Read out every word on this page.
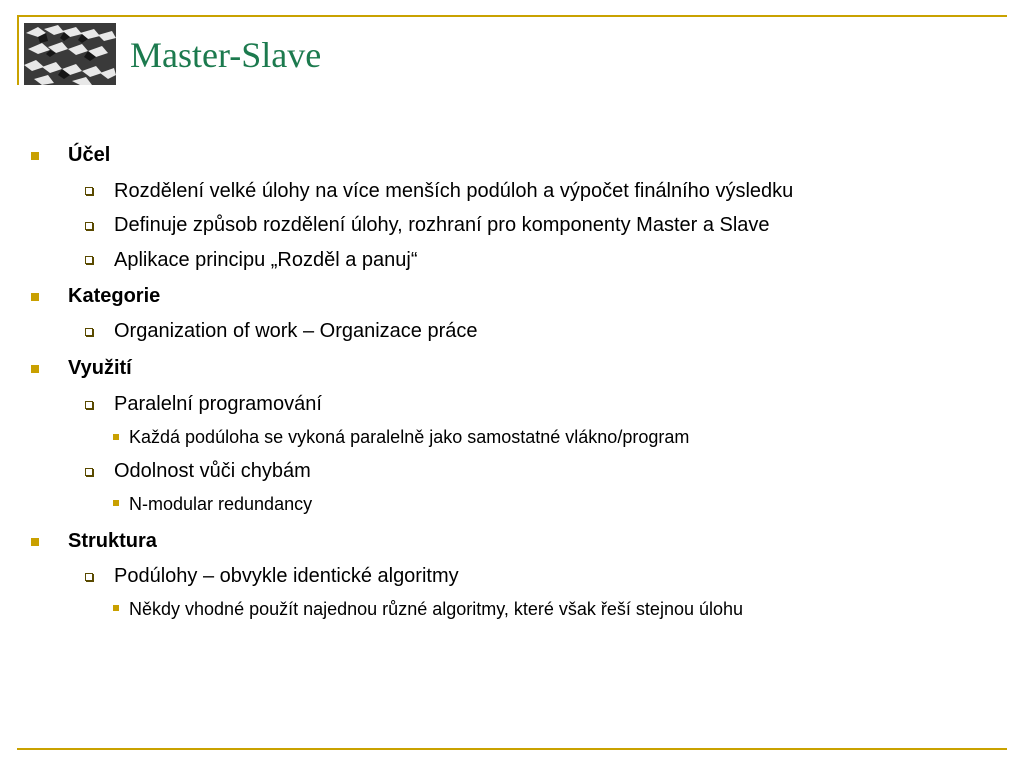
Master-Slave
Účel
Rozdělení velké úlohy na více menších podúloh a výpočet finálního výsledku
Definuje způsob rozdělení úlohy, rozhraní pro komponenty Master a Slave
Aplikace principu „Rozděl a panuj“
Kategorie
Organization of work – Organizace práce
Využití
Paralelní programování
Každá podúloha se vykoná paralelně jako samostatné vlákno/program
Odolnost vůči chybám
N-modular redundancy
Struktura
Podúlohy – obvykle identické algoritmy
Někdy vhodné použít najednou různé algoritmy, které však řeší stejnou úlohu
